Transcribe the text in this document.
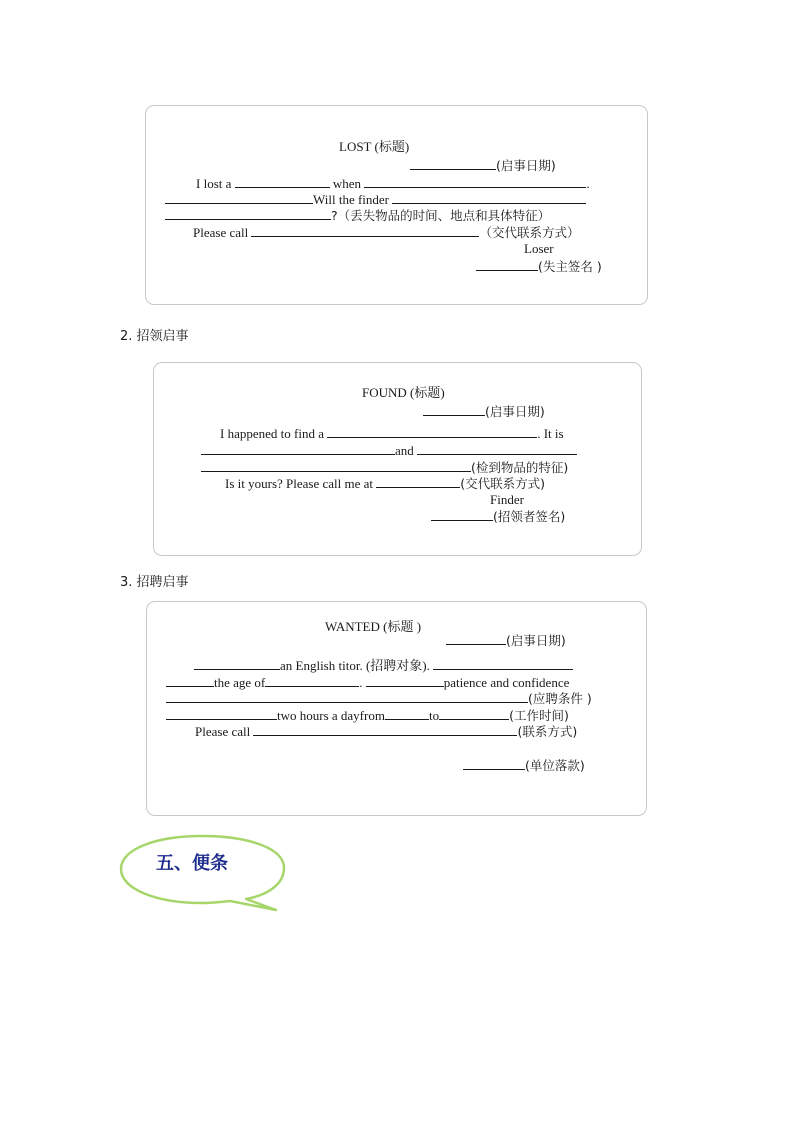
LOST (标题)
(启事日期)
I lost a	when	.
Will the finder
?（丢失物品的时间、地点和具体特征）
Please call	（交代联系方式）
Loser
(失主签名 )
2. 招领启事
FOUND (标题)
(启事日期)
I happened to find a	. It is
and
(检到物品的特征)
Is it yours? Please call me at	(交代联系方式)
Finder
(招领者签名)
3. 招聘启事
WANTED (标题 )
(启事日期)
an English titor. (招聘对象).
the age of	.	patience and confidence
(应聘条件 )
two hours a dayfrom	to	(工作时间)
Please call	(联系方式)
(单位落款)
五、便条
